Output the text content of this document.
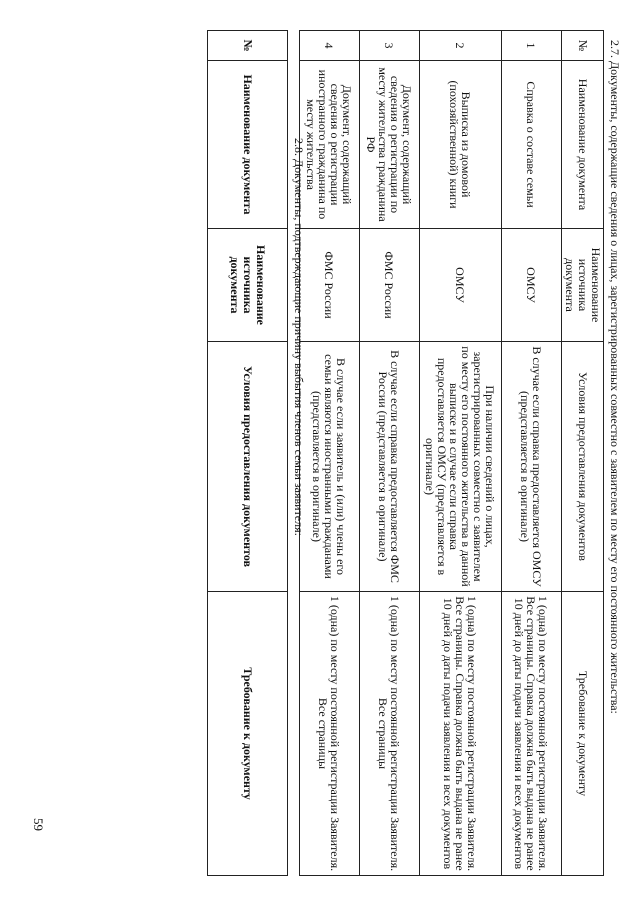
2.7. Документы, содержащие сведения о лицах, зарегистрированных совместно с заявителем по месту его постоянного жительства:
№	Наименование документа	Наименование источника документа	Условия предоставления документов	Требование к документу
1	Справка о составе семьи	ОМСУ	В случае если справка предоставляется ОМСУ (представляется в оригинале)	1 (одна) по месту постоянной регистрации Заявителя. Все страницы. Справка должна быть выдана не ранее 10 дней до даты подачи заявления и всех документов
2	Выписка из домовой (похозяйственной) книги	ОМСУ	При наличии сведений о лицах, зарегистрированных совместно с заявителем по месту его постоянного жительства в данной выписке и в случае если справка предоставляется ОМСУ (представляется в оригинале)	1 (одна) по месту постоянной регистрации Заявителя. Все страницы. Справка должна быть выдана не ранее 10 дней до даты подачи заявления и всех документов
3	Документ, содержащий сведения о регистрации по месту жительства гражданина РФ	ФМС России	В случае если справка предоставляется ФМС России (представляется в оригинале)	1 (одна) по месту постоянной регистрации Заявителя. Все страницы
4	Документ, содержащий сведения о регистрации иностранного гражданина по месту жительства	ФМС России	В случае если заявитель и (или) члены его семьи являются иностранными гражданами (представляется в оригинале)	1 (одна) по месту постоянной регистрации Заявителя. Все страницы
2.8. Документы, подтверждающие причину выбытия членов семьи заявителя:
№	Наименование документа	Наименование источника документа	Условия предоставления документов	Требование к документу
59
